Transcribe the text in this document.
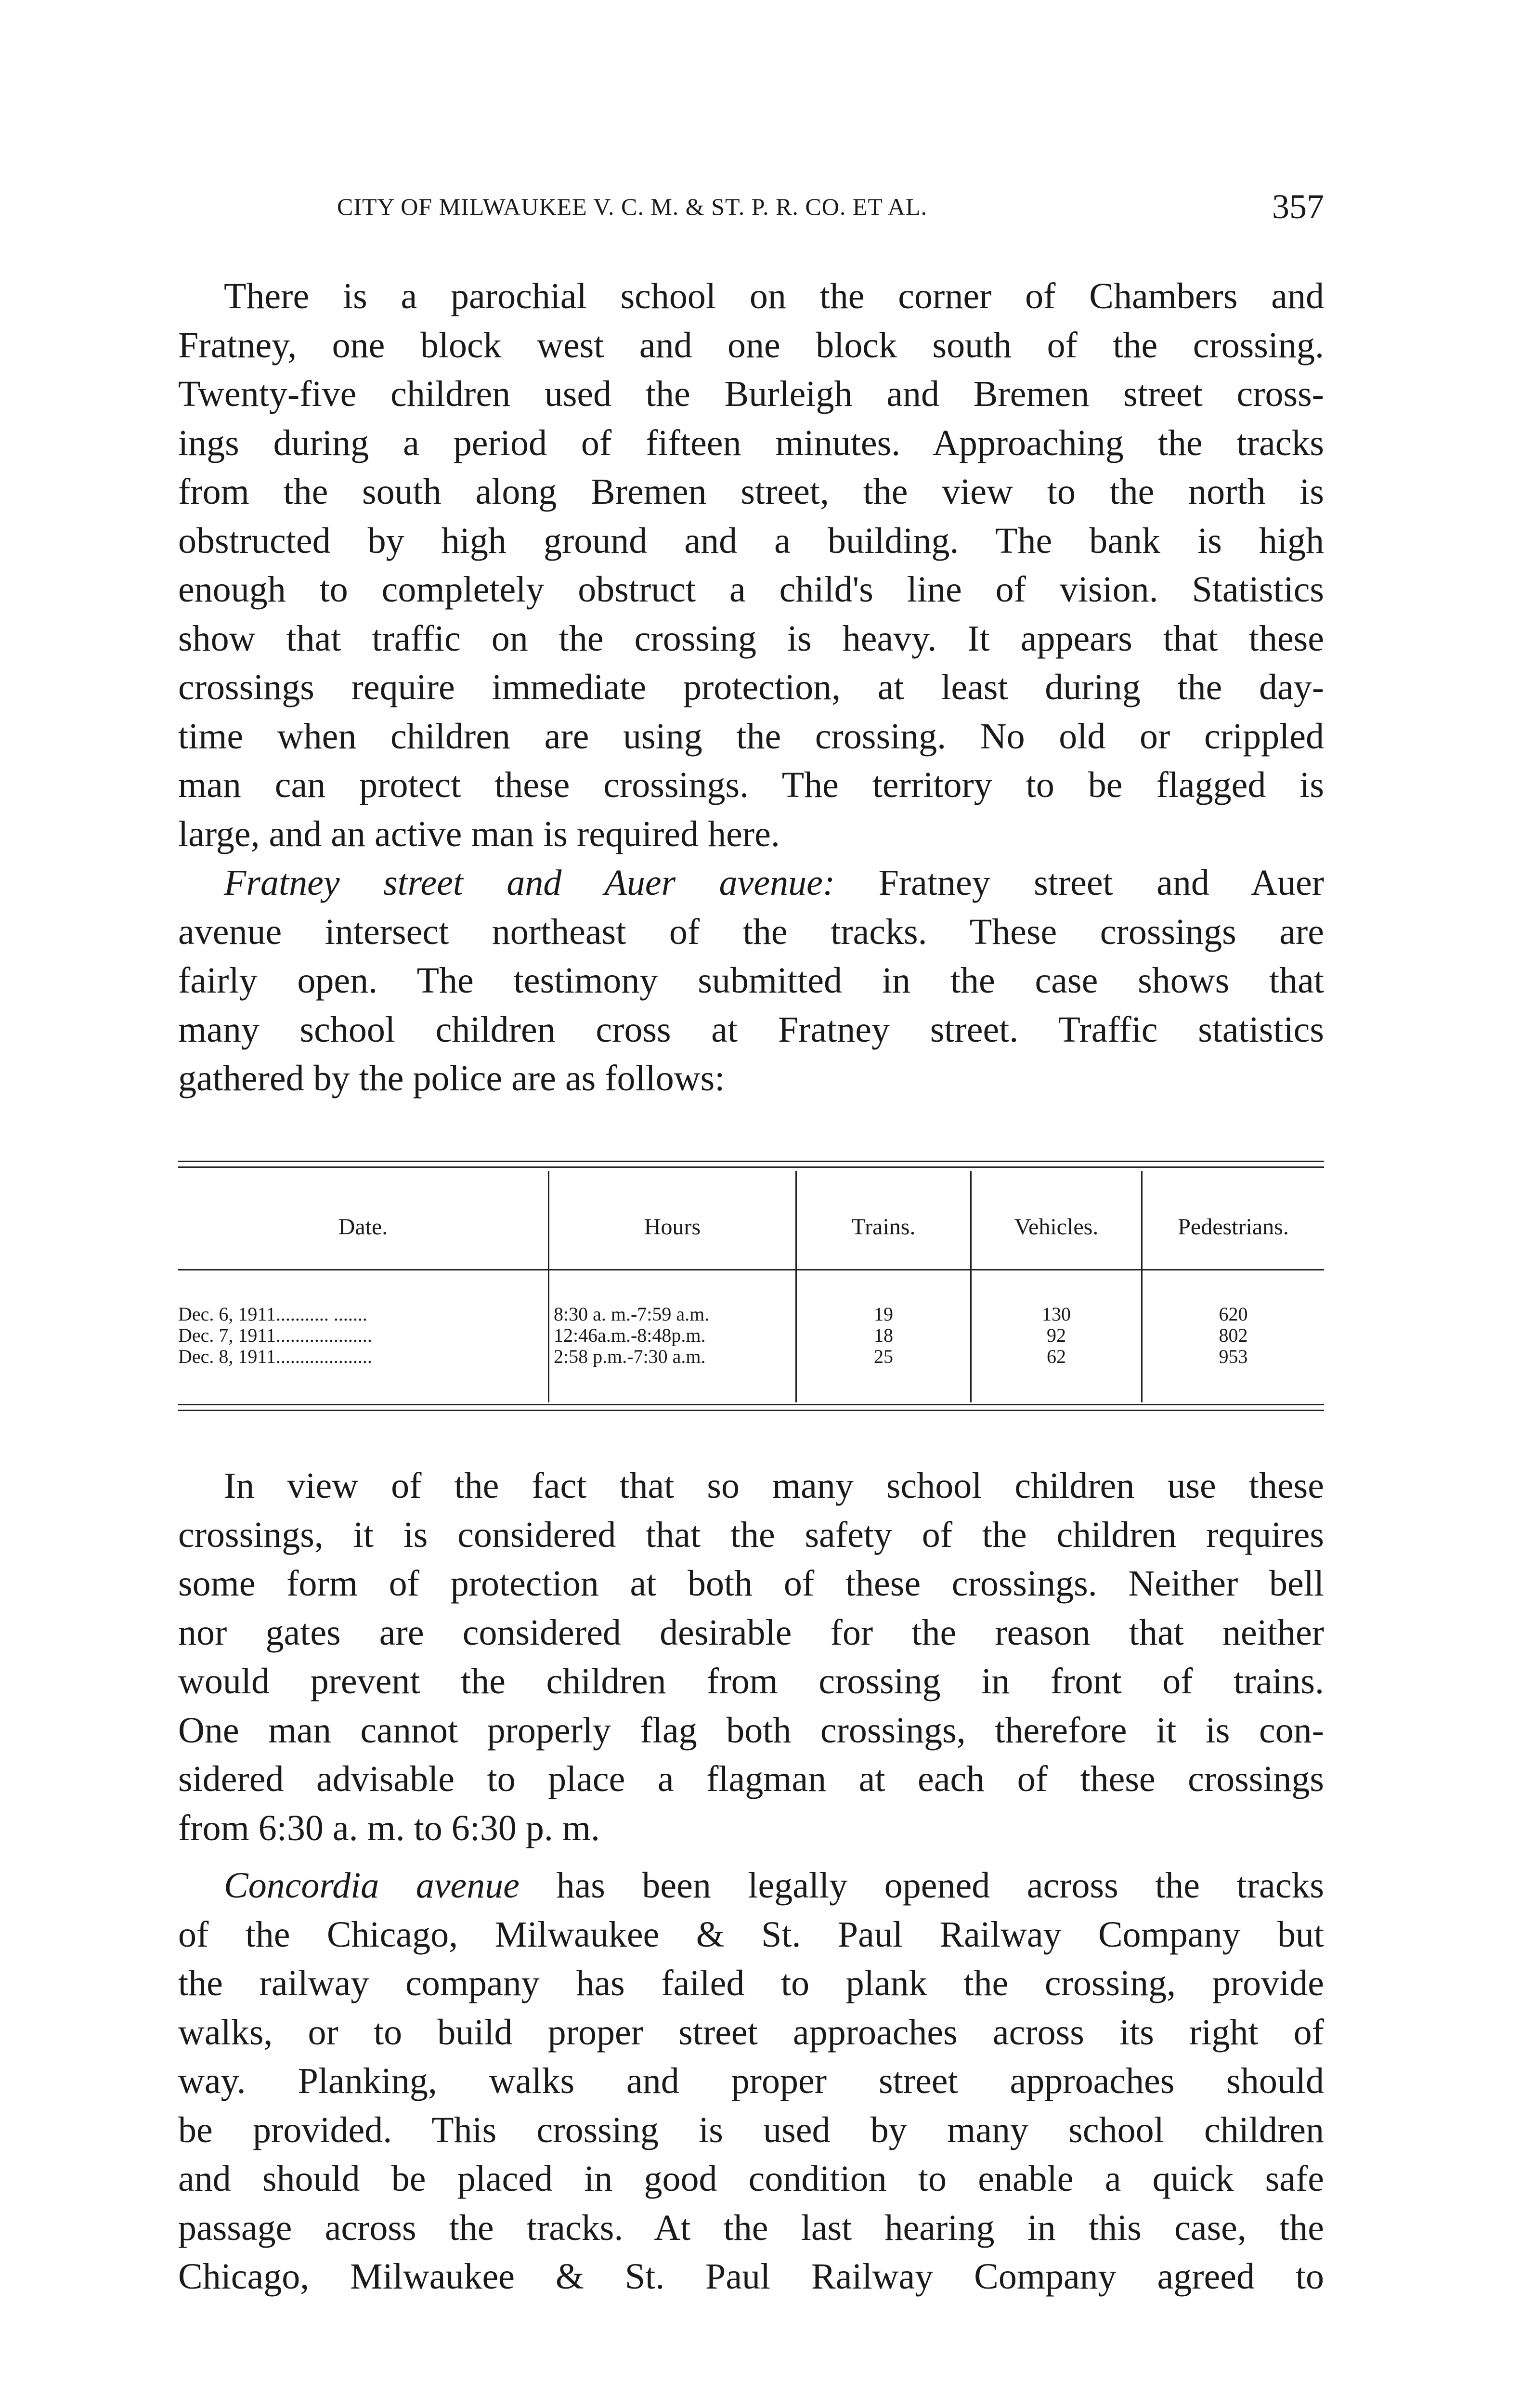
CITY OF MILWAUKEE V. C. M. & ST. P. R. CO. ET AL.	357
There is a parochial school on the corner of Chambers and
Fratney, one block west and one block south of the crossing.
Twenty-five children used the Burleigh and Bremen street cross-
ings during a period of fifteen minutes. Approaching the tracks
from the south along Bremen street, the view to the north is
obstructed by high ground and a building. The bank is high
enough to completely obstruct a child's line of vision. Statistics
show that traffic on the crossing is heavy. It appears that these
crossings require immediate protection, at least during the day-
time when children are using the crossing. No old or crippled
man can protect these crossings. The territory to be flagged is
large, and an active man is required here.
Fratney street and Auer avenue: Fratney street and Auer
avenue intersect northeast of the tracks. These crossings are
fairly open. The testimony submitted in the case shows that
many school children cross at Fratney street. Traffic statistics
gathered by the police are as follows:
Date.	Hours	Trains.	Vehicles.	Pedestrians.
Dec. 6, 1911........... .......	8:30 a. m.-7:59 a.m.	19	130	620
Dec. 7, 1911....................	12:46a.m.-8:48p.m.	18	92	802
Dec. 8, 1911....................	2:58 p.m.-7:30 a.m.	25	62	953
In view of the fact that so many school children use these
crossings, it is considered that the safety of the children requires
some form of protection at both of these crossings. Neither bell
nor gates are considered desirable for the reason that neither
would prevent the children from crossing in front of trains.
One man cannot properly flag both crossings, therefore it is con-
sidered advisable to place a flagman at each of these crossings
from 6:30 a. m. to 6:30 p. m.
Concordia avenue has been legally opened across the tracks
of the Chicago, Milwaukee & St. Paul Railway Company but
the railway company has failed to plank the crossing, provide
walks, or to build proper street approaches across its right of
way. Planking, walks and proper street approaches should
be provided. This crossing is used by many school children
and should be placed in good condition to enable a quick safe
passage across the tracks. At the last hearing in this case, the
Chicago, Milwaukee & St. Paul Railway Company agreed to
